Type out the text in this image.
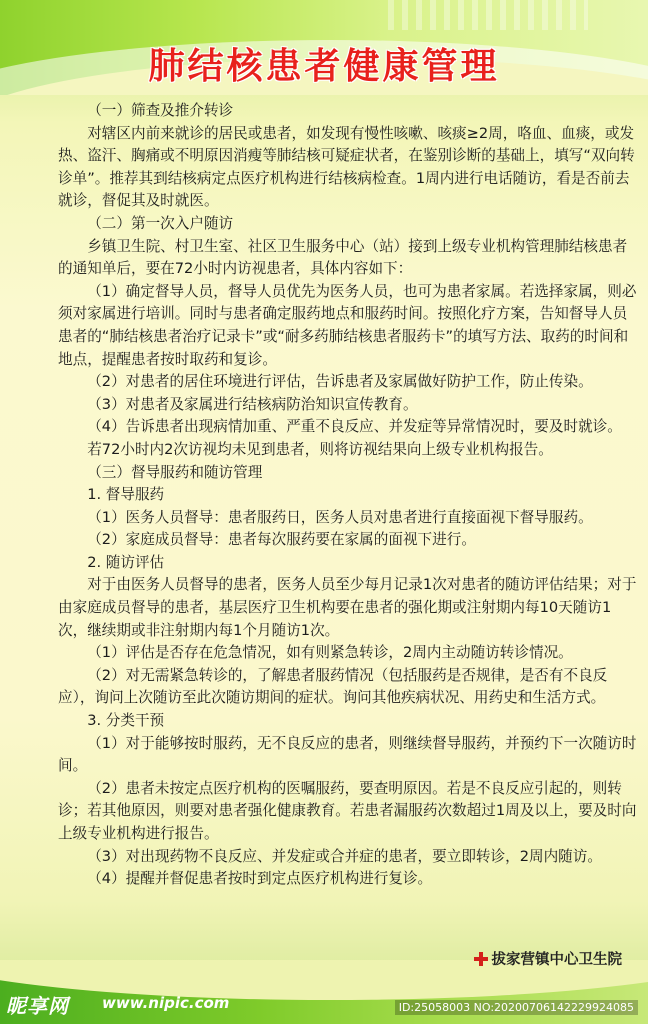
肺结核患者健康管理

（一）筛查及推介转诊

对辖区内前来就诊的居民或患者，如发现有慢性咳嗽、咳痰≥2周，咯血、血痰，或发热、盗汗、胸痛或不明原因消瘦等肺结核可疑症状者，在鉴别诊断的基础上，填写“双向转诊单”。推荐其到结核病定点医疗机构进行结核病检查。1周内进行电话随访，看是否前去就诊，督促其及时就医。

（二）第一次入户随访

乡镇卫生院、村卫生室、社区卫生服务中心（站）接到上级专业机构管理肺结核患者的通知单后，要在72小时内访视患者，具体内容如下：

（1）确定督导人员，督导人员优先为医务人员，也可为患者家属。若选择家属，则必须对家属进行培训。同时与患者确定服药地点和服药时间。按照化疗方案，告知督导人员患者的“肺结核患者治疗记录卡”或“耐多药肺结核患者服药卡”的填写方法、取药的时间和地点，提醒患者按时取药和复诊。

（2）对患者的居住环境进行评估，告诉患者及家属做好防护工作，防止传染。

（3）对患者及家属进行结核病防治知识宣传教育。

（4）告诉患者出现病情加重、严重不良反应、并发症等异常情况时，要及时就诊。

若72小时内2次访视均未见到患者，则将访视结果向上级专业机构报告。

（三）督导服药和随访管理

1. 督导服药

（1）医务人员督导：患者服药日，医务人员对患者进行直接面视下督导服药。

（2）家庭成员督导：患者每次服药要在家属的面视下进行。

2. 随访评估

对于由医务人员督导的患者，医务人员至少每月记录1次对患者的随访评估结果；对于由家庭成员督导的患者，基层医疗卫生机构要在患者的强化期或注射期内每10天随访1次，继续期或非注射期内每1个月随访1次。

（1）评估是否存在危急情况，如有则紧急转诊，2周内主动随访转诊情况。

（2）对无需紧急转诊的，了解患者服药情况（包括服药是否规律，是否有不良反应），询问上次随访至此次随访期间的症状。询问其他疾病状况、用药史和生活方式。

3. 分类干预

（1）对于能够按时服药，无不良反应的患者，则继续督导服药，并预约下一次随访时间。

（2）患者未按定点医疗机构的医嘱服药，要查明原因。若是不良反应引起的，则转诊；若其他原因，则要对患者强化健康教育。若患者漏服药次数超过1周及以上，要及时向上级专业机构进行报告。

（3）对出现药物不良反应、并发症或合并症的患者，要立即转诊，2周内随访。

（4）提醒并督促患者按时到定点医疗机构进行复诊。

拔家营镇中心卫生院
昵享网 www.nipic.com	ID:25058003 NO:20200706142229924085
